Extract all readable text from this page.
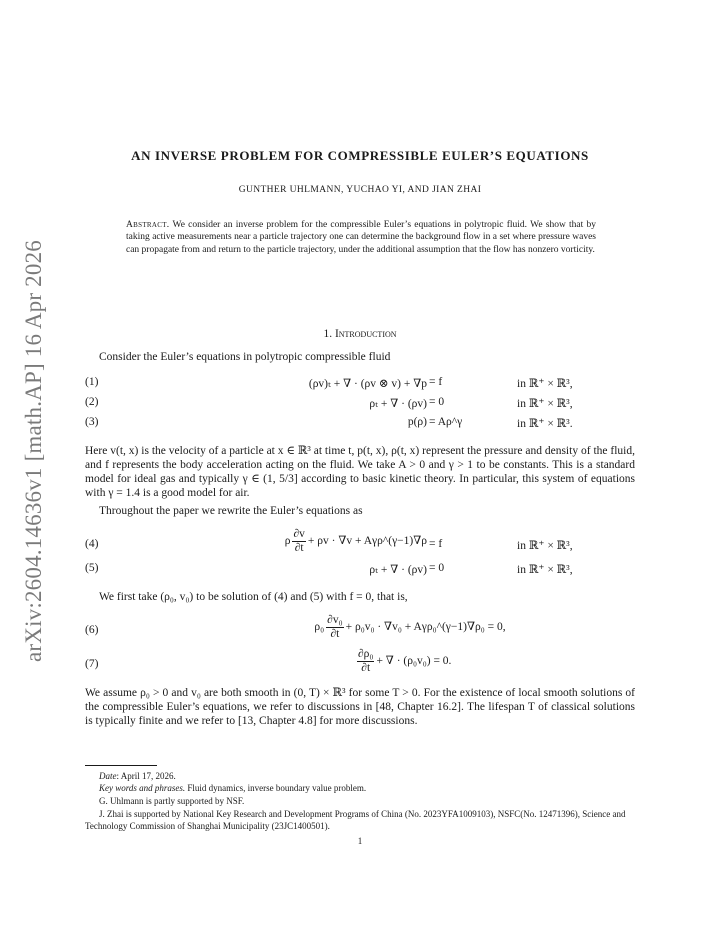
arXiv:2604.14636v1 [math.AP] 16 Apr 2026
AN INVERSE PROBLEM FOR COMPRESSIBLE EULER’S EQUATIONS
GUNTHER UHLMANN, YUCHAO YI, AND JIAN ZHAI
Abstract. We consider an inverse problem for the compressible Euler’s equations in polytropic fluid. We show that by taking active measurements near a particle trajectory one can determine the background flow in a set where pressure waves can propagate from and return to the particle trajectory, under the additional assumption that the flow has nonzero vorticity.
1. Introduction
Consider the Euler’s equations in polytropic compressible fluid
(1)	(ρv)ₜ + ∇ · (ρv ⊗ v) + ∇p = f	in ℝ⁺ × ℝ³,
(2)	ρₜ + ∇ · (ρv) = 0	in ℝ⁺ × ℝ³,
(3)	p(ρ) = Aρ^γ	in ℝ⁺ × ℝ³.
Here v(t, x) is the velocity of a particle at x ∈ ℝ³ at time t, p(t, x), ρ(t, x) represent the pressure and density of the fluid, and f represents the body acceleration acting on the fluid. We take A > 0 and γ > 1 to be constants. This is a standard model for ideal gas and typically γ ∈ (1, 5/3] according to basic kinetic theory. In particular, this system of equations with γ = 1.4 is a good model for air.
Throughout the paper we rewrite the Euler’s equations as
(4)	ρ $\frac{\partial v}{\partial t} + \rho v \cdot \nabla v$ + Aγρ^(γ−1)∇ρ = f	in ℝ⁺ × ℝ³,
(5)	ρₜ + ∇ · (ρv) = 0	in ℝ⁺ × ℝ³,
We first take (ρ₀, v₀) to be solution of (4) and (5) with f = 0, that is,
(6)	$\rho_0 \frac{\text{∂v₀}}{\partial t} + \rho_0v_0 \cdot \nabla v_0$ + Aγρ₀^(γ−1)∇ρ₀ = 0,
(7)	$\frac{\text{∂ρ₀}}{\partial t}$ + ∇ · (ρ₀v₀) = 0.
We assume ρ₀ > 0 and v₀ are both smooth in (0, T) × ℝ³ for some T > 0. For the existence of local smooth solutions of the compressible Euler’s equations, we refer to discussions in [48, Chapter 16.2]. The lifespan T of classical solutions is typically finite and we refer to [13, Chapter 4.8] for more discussions.
Date: April 17, 2026.
Key words and phrases. Fluid dynamics, inverse boundary value problem.
G. Uhlmann is partly supported by NSF.
J. Zhai is supported by National Key Research and Development Programs of China (No. 2023YFA1009103), NSFC(No. 12471396), Science and Technology Commission of Shanghai Municipality (23JC1400501).
1
